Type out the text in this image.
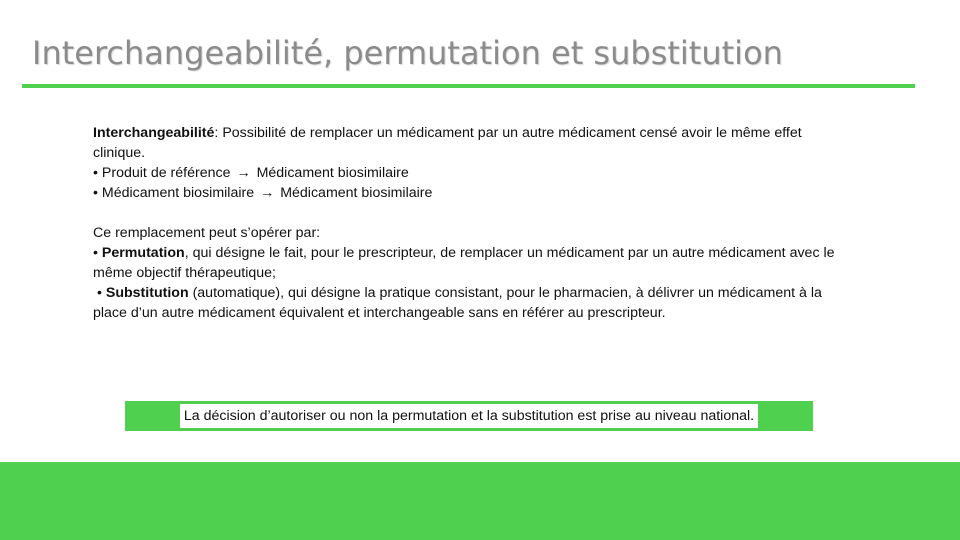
Interchangeabilité, permutation et substitution

Interchangeabilité: Possibilité de remplacer un médicament par un autre médicament censé avoir le même effet clinique.

• Produit de référence → Médicament biosimilaire

• Médicament biosimilaire → Médicament biosimilaire

Ce remplacement peut s’opérer par:

• Permutation, qui désigne le fait, pour le prescripteur, de remplacer un médicament par un autre médicament avec le même objectif thérapeutique;

• Substitution (automatique), qui désigne la pratique consistant, pour le pharmacien, à délivrer un médicament à la place d’un autre médicament équivalent et interchangeable sans en référer au prescripteur.

La décision d’autoriser ou non la permutation et la substitution est prise au niveau national.
